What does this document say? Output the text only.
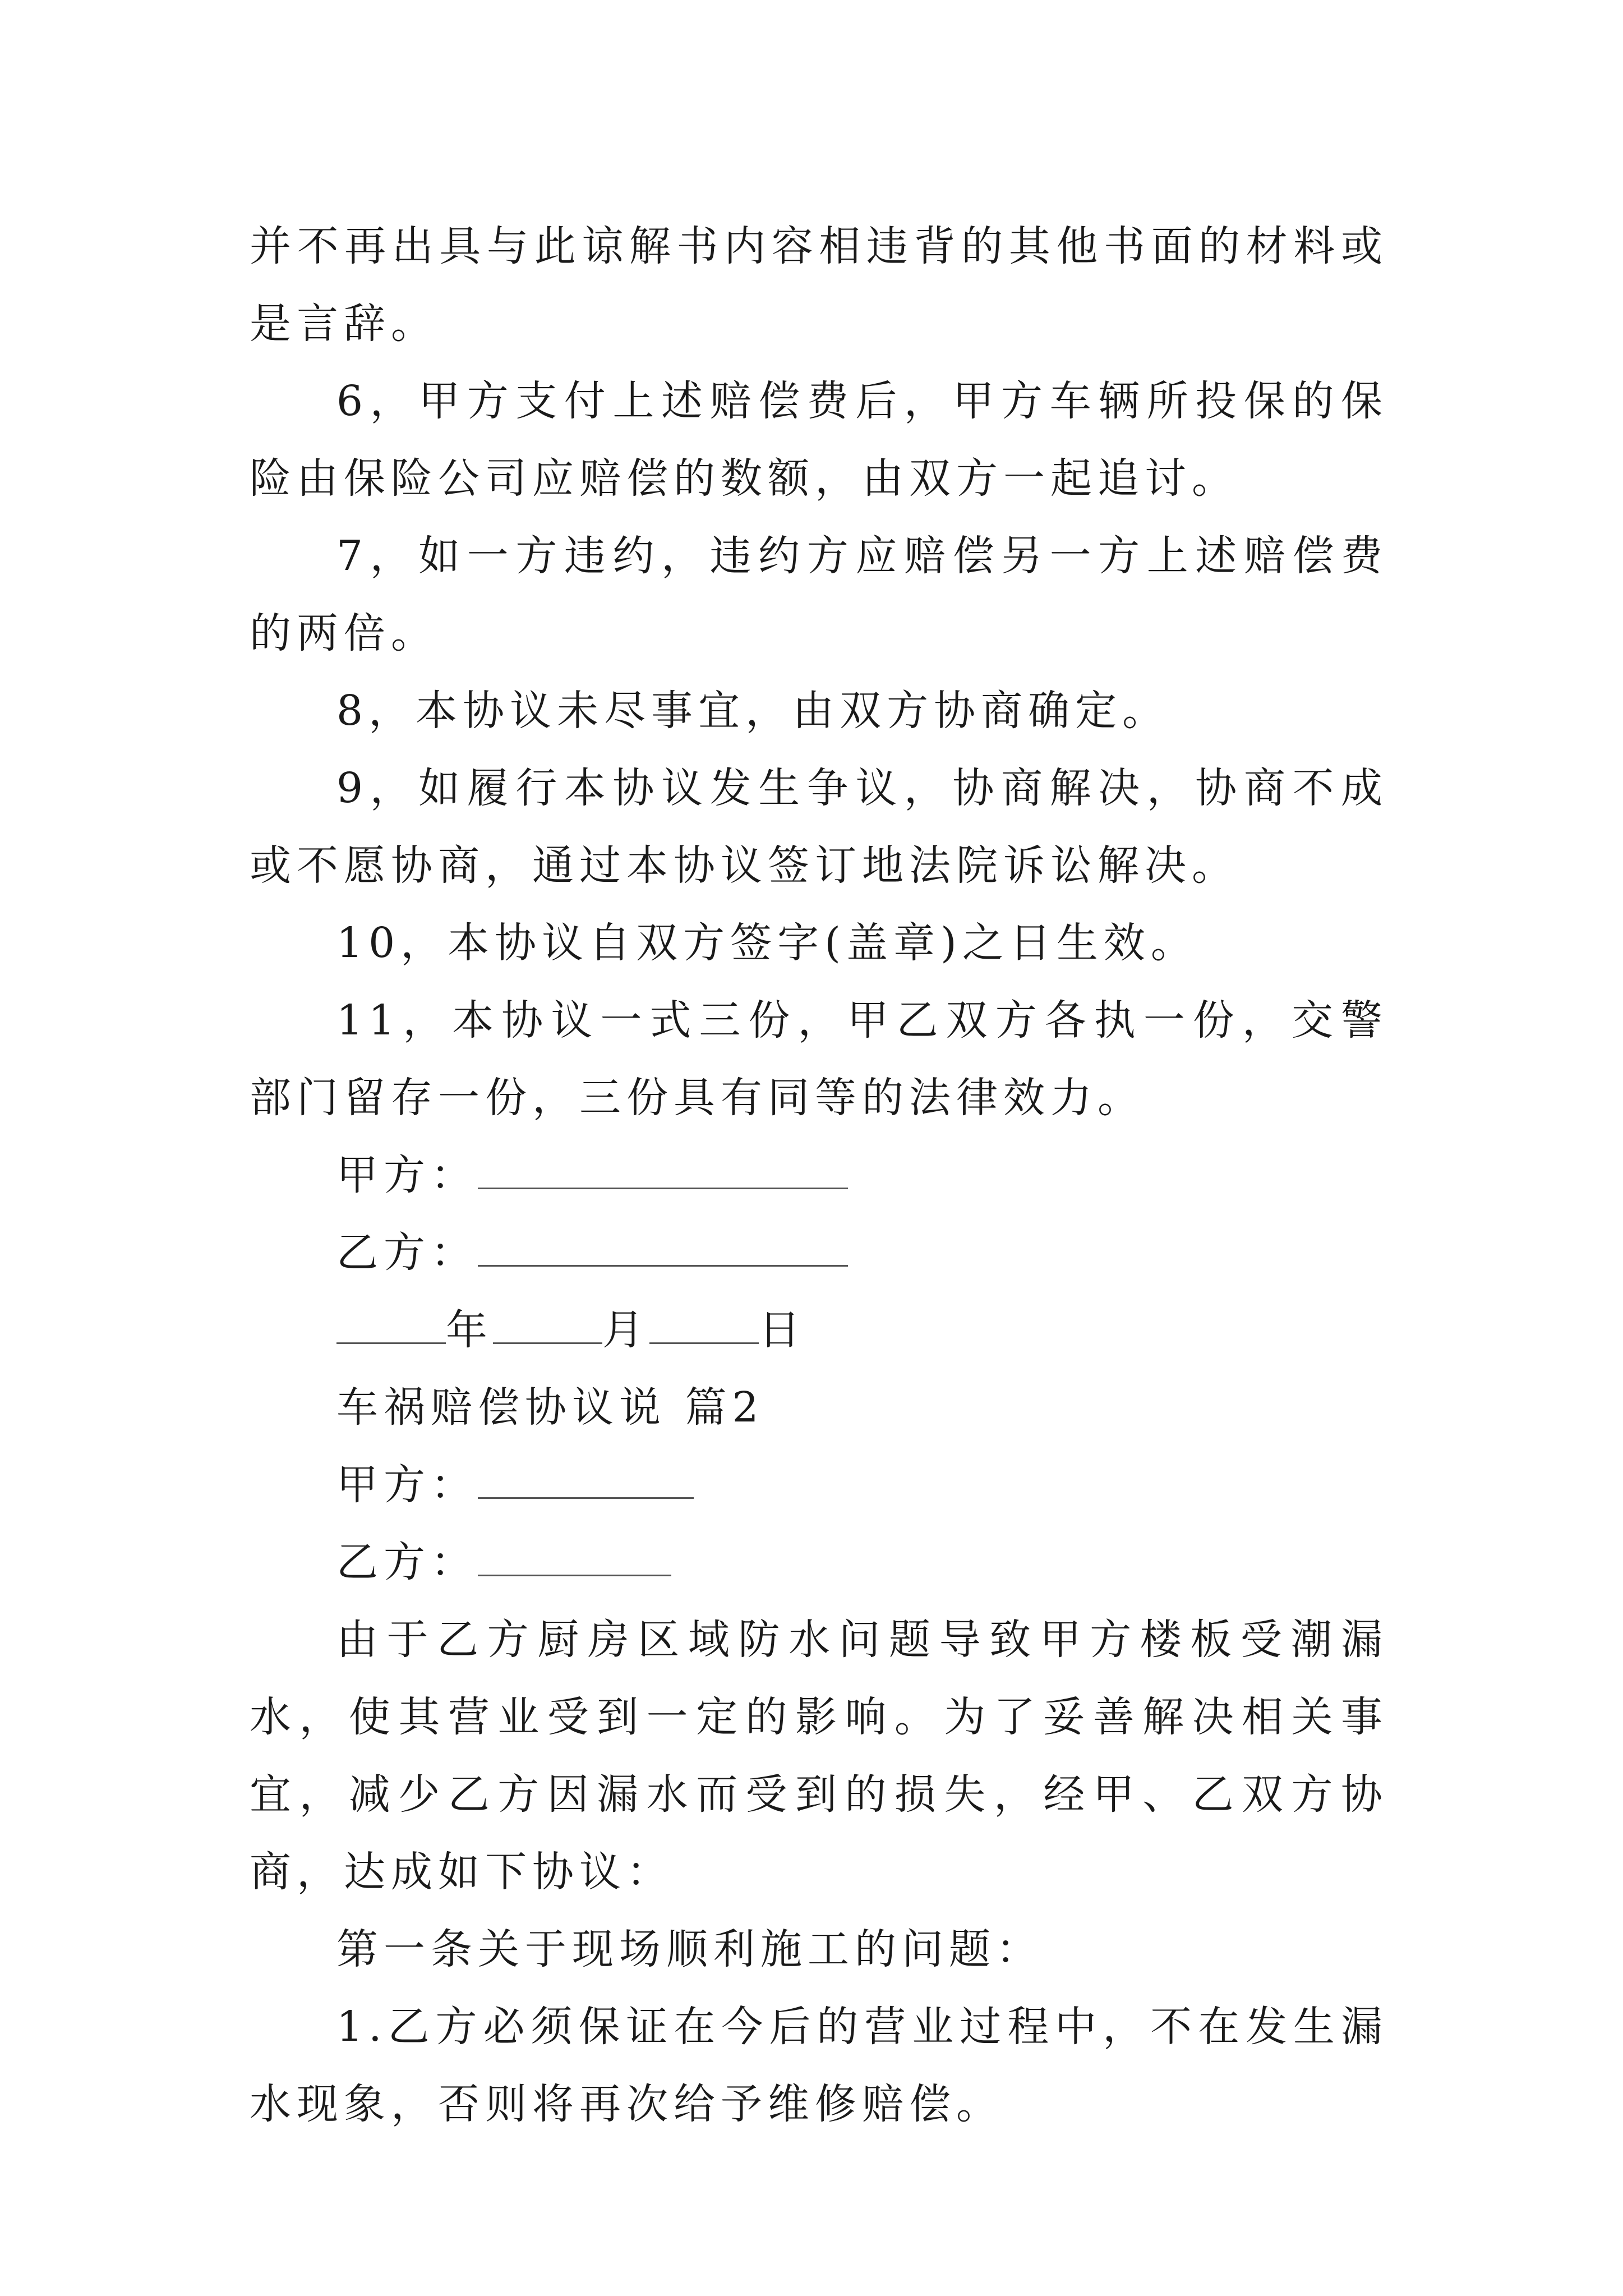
并不再出具与此谅解书内容相违背的其他书面的材料或是言辞。

6，甲方支付上述赔偿费后，甲方车辆所投保的保险由保险公司应赔偿的数额，由双方一起追讨。

7，如一方违约，违约方应赔偿另一方上述赔偿费的两倍。

8，本协议未尽事宜，由双方协商确定。

9，如履行本协议发生争议，协商解决，协商不成或不愿协商，通过本协议签订地法院诉讼解决。

10，本协议自双方签字(盖章)之日生效。

11，本协议一式三份，甲乙双方各执一份，交警部门留存一份，三份具有同等的法律效力。

甲方：

乙方：

年	月	日

车祸赔偿协议说 篇2

甲方：

乙方：

由于乙方厨房区域防水问题导致甲方楼板受潮漏水，使其营业受到一定的影响。为了妥善解决相关事宜，减少乙方因漏水而受到的损失，经甲、乙双方协商，达成如下协议：

第一条关于现场顺利施工的问题：

1.乙方必须保证在今后的营业过程中，不在发生漏水现象，否则将再次给予维修赔偿。
